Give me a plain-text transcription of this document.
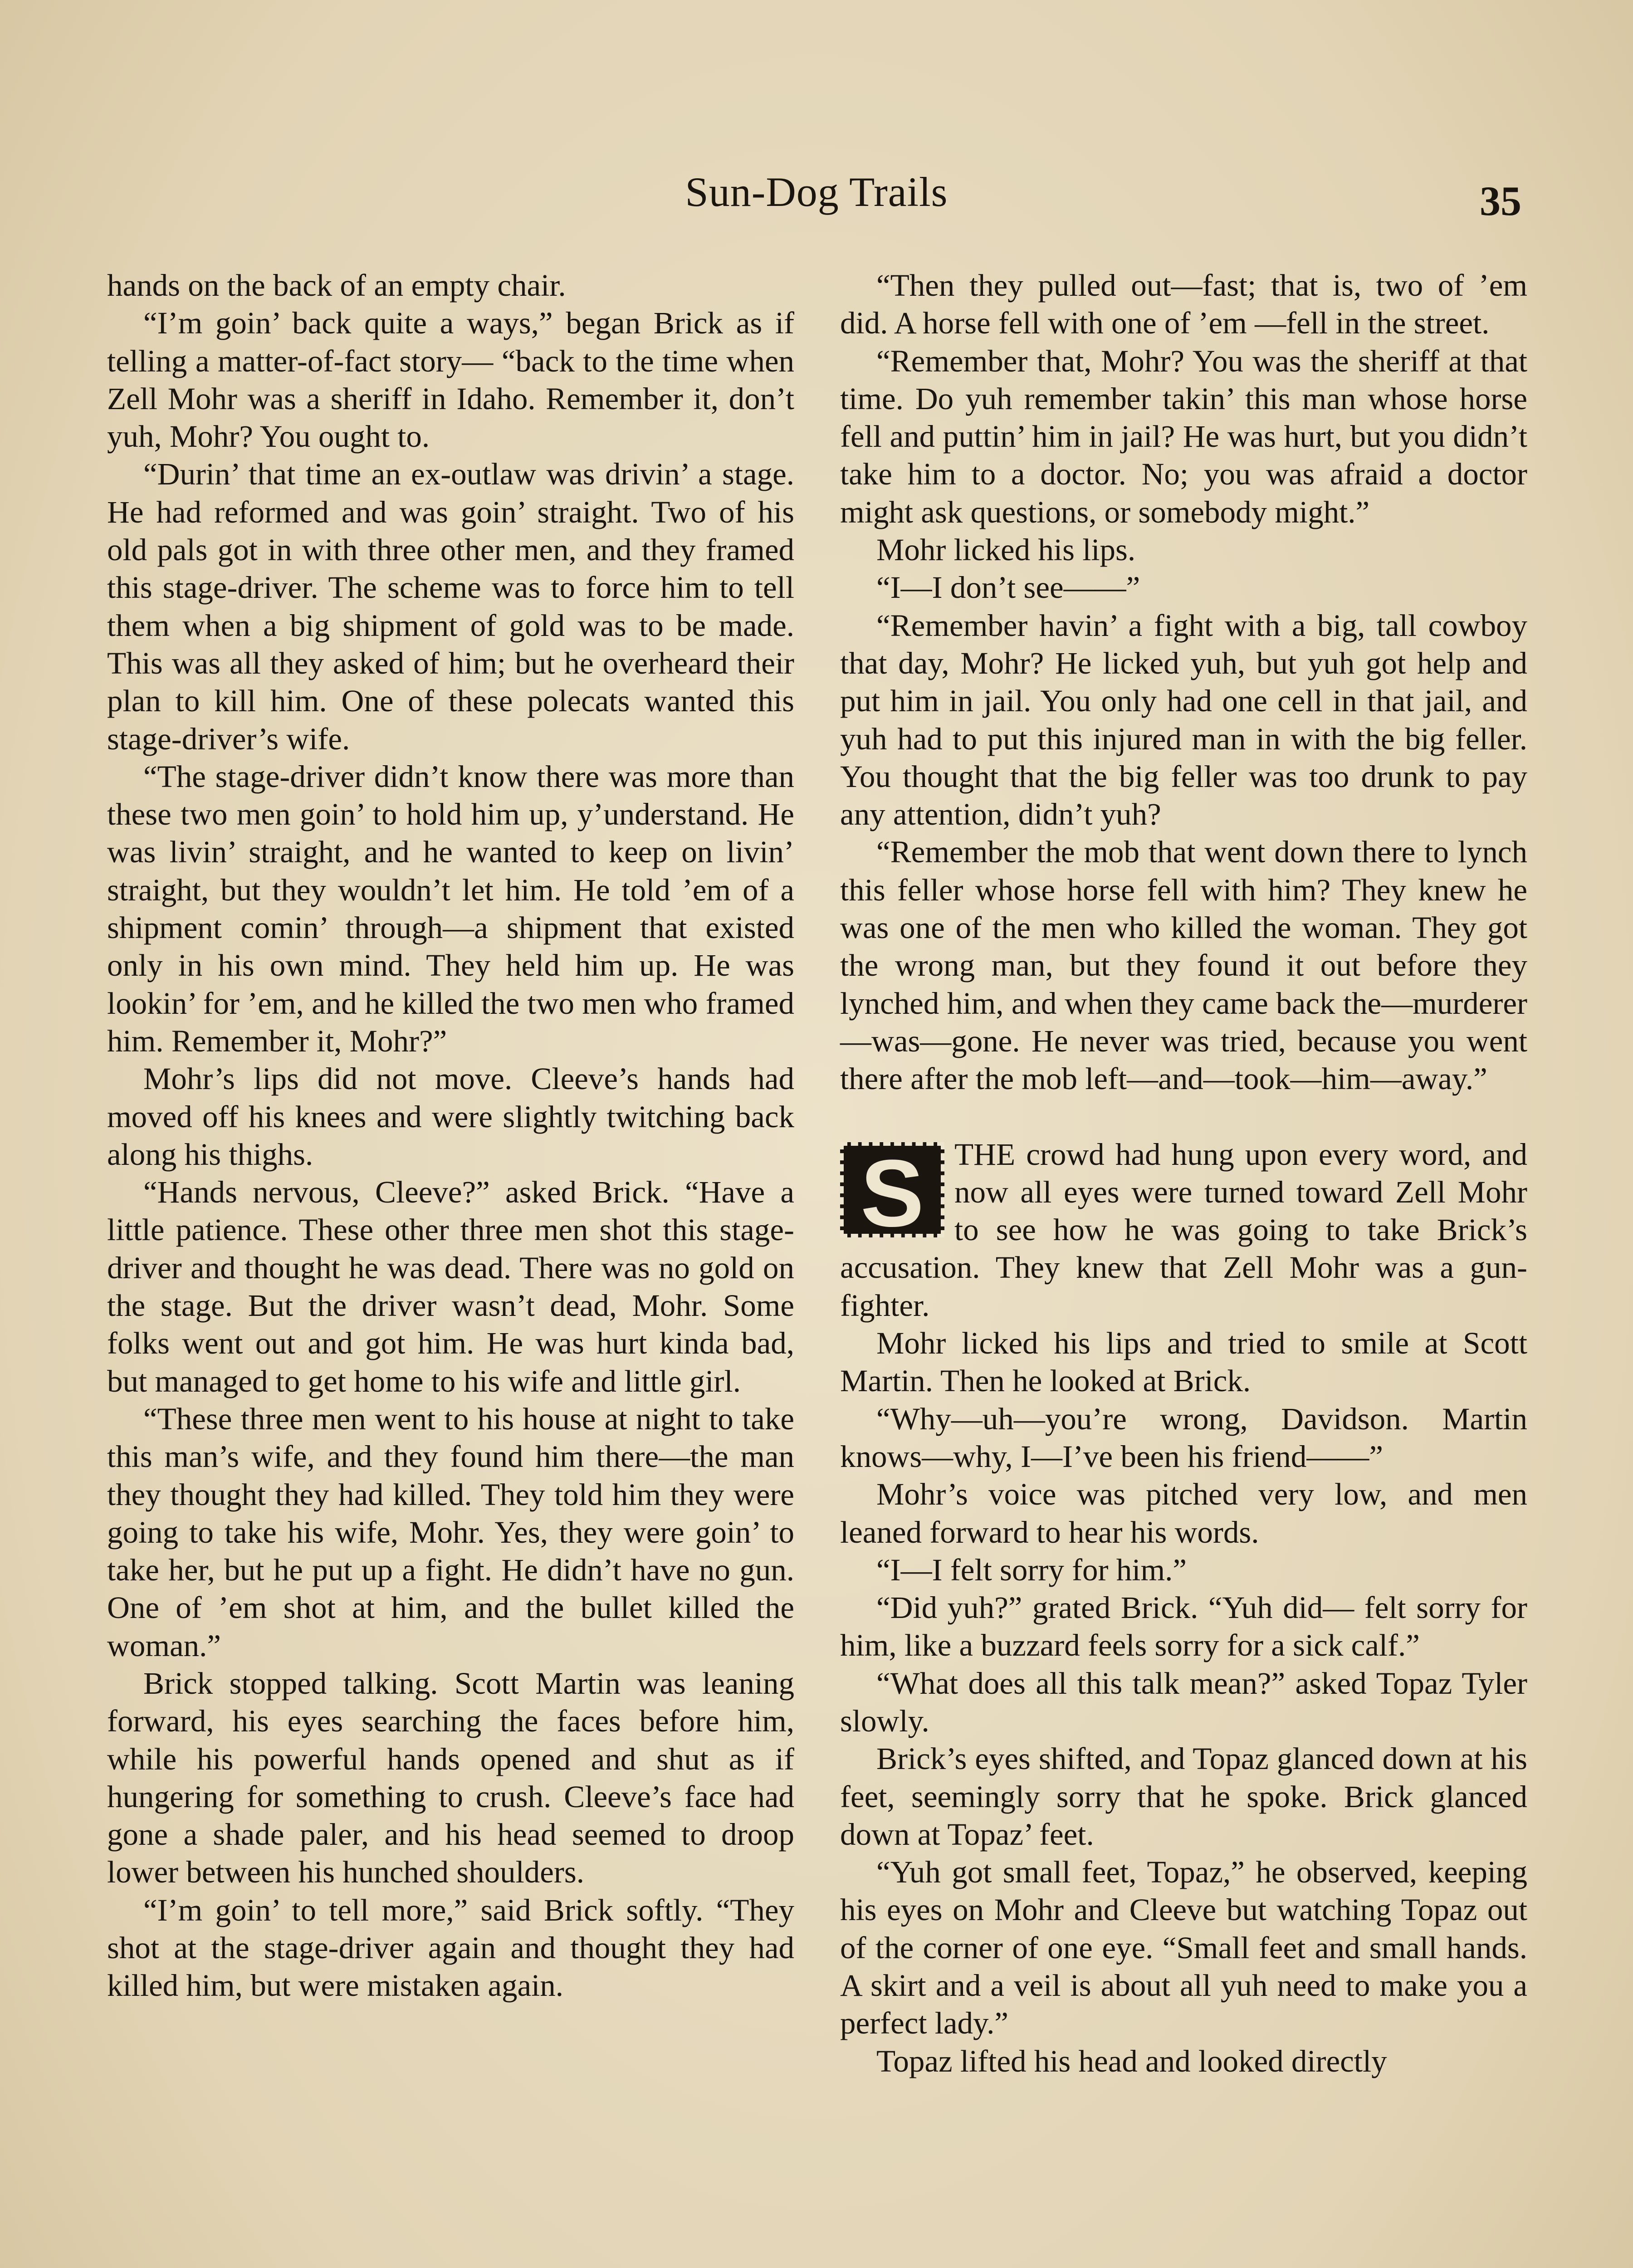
Sun-Dog Trails	35

hands on the back of an empty chair.

“I’m goin’ back quite a ways,” began Brick as if telling a matter-of-fact story— “back to the time when Zell Mohr was a sheriff in Idaho. Remember it, don’t yuh, Mohr? You ought to.

“Durin’ that time an ex-outlaw was drivin’ a stage. He had reformed and was goin’ straight. Two of his old pals got in with three other men, and they framed this stage-driver. The scheme was to force him to tell them when a big shipment of gold was to be made. This was all they asked of him; but he overheard their plan to kill him. One of these polecats wanted this stage-driver’s wife.

“The stage-driver didn’t know there was more than these two men goin’ to hold him up, y’understand. He was livin’ straight, and he wanted to keep on livin’ straight, but they wouldn’t let him. He told ’em of a shipment comin’ through—a shipment that existed only in his own mind. They held him up. He was lookin’ for ’em, and he killed the two men who framed him. Remember it, Mohr?”

Mohr’s lips did not move. Cleeve’s hands had moved off his knees and were slightly twitching back along his thighs.

“Hands nervous, Cleeve?” asked Brick. “Have a little patience. These other three men shot this stage-driver and thought he was dead. There was no gold on the stage. But the driver wasn’t dead, Mohr. Some folks went out and got him. He was hurt kinda bad, but managed to get home to his wife and little girl.

“These three men went to his house at night to take this man’s wife, and they found him there—the man they thought they had killed. They told him they were going to take his wife, Mohr. Yes, they were goin’ to take her, but he put up a fight. He didn’t have no gun. One of ’em shot at him, and the bullet killed the woman.”

Brick stopped talking. Scott Martin was leaning forward, his eyes searching the faces before him, while his powerful hands opened and shut as if hungering for something to crush. Cleeve’s face had gone a shade paler, and his head seemed to droop lower between his hunched shoulders.

“I’m goin’ to tell more,” said Brick softly. “They shot at the stage-driver again and thought they had killed him, but were mistaken again.

“Then they pulled out—fast; that is, two of ’em did. A horse fell with one of ’em —fell in the street.

“Remember that, Mohr? You was the sheriff at that time. Do yuh remember takin’ this man whose horse fell and puttin’ him in jail? He was hurt, but you didn’t take him to a doctor. No; you was afraid a doctor might ask questions, or somebody might.”

Mohr licked his lips.

“I—I don’t see——”

“Remember havin’ a fight with a big, tall cowboy that day, Mohr? He licked yuh, but yuh got help and put him in jail. You only had one cell in that jail, and yuh had to put this injured man in with the big feller. You thought that the big feller was too drunk to pay any attention, didn’t yuh?

“Remember the mob that went down there to lynch this feller whose horse fell with him? They knew he was one of the men who killed the woman. They got the wrong man, but they found it out before they lynched him, and when they came back the—murderer—was—gone. He never was tried, because you went there after the mob left—and—took—him—away.”

S THE crowd had hung upon every word, and now all eyes were turned toward Zell Mohr to see how he was going to take Brick’s accusation. They knew that Zell Mohr was a gun-fighter.

Mohr licked his lips and tried to smile at Scott Martin. Then he looked at Brick.

“Why—uh—you’re wrong, Davidson. Martin knows—why, I—I’ve been his friend——”

Mohr’s voice was pitched very low, and men leaned forward to hear his words.

“I—I felt sorry for him.”

“Did yuh?” grated Brick. “Yuh did— felt sorry for him, like a buzzard feels sorry for a sick calf.”

“What does all this talk mean?” asked Topaz Tyler slowly.

Brick’s eyes shifted, and Topaz glanced down at his feet, seemingly sorry that he spoke. Brick glanced down at Topaz’ feet.

“Yuh got small feet, Topaz,” he observed, keeping his eyes on Mohr and Cleeve but watching Topaz out of the corner of one eye. “Small feet and small hands. A skirt and a veil is about all yuh need to make you a perfect lady.”

Topaz lifted his head and looked directly
